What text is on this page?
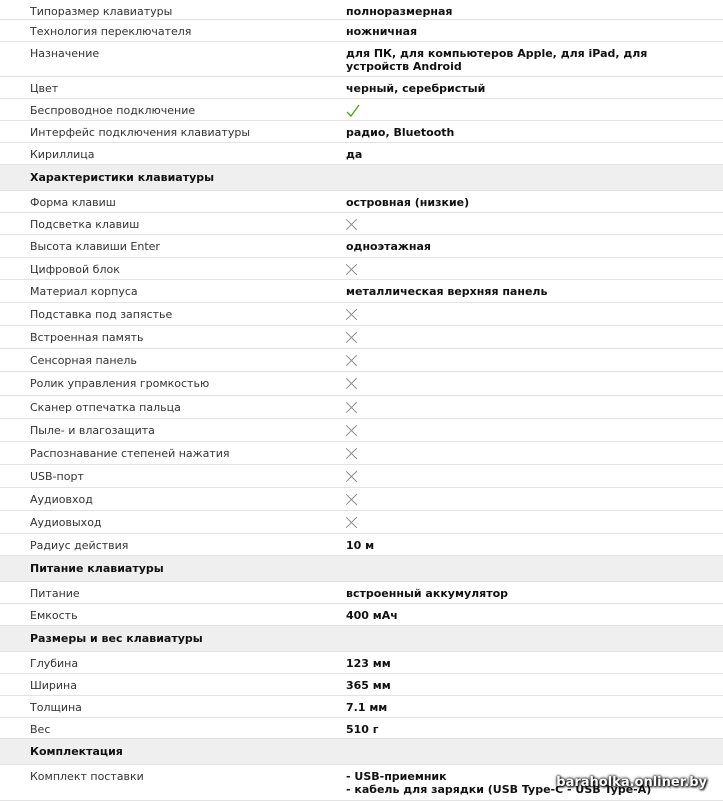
Типоразмер клавиатуры	полноразмерная
Технология переключателя	ножничная
Назначение	для ПК, для компьютеров Apple, для iPad, для
устройств Android
Цвет	черный, серебристый
Беспроводное подключение
Интерфейс подключения клавиатуры	радио, Bluetooth
Кириллица	да
Характеристики клавиатуры
Форма клавиш	островная (низкие)
Подсветка клавиш
Высота клавиши Enter	одноэтажная
Цифровой блок
Материал корпуса	металлическая верхняя панель
Подставка под запястье
Встроенная память
Сенсорная панель
Ролик управления громкостью
Сканер отпечатка пальца
Пыле- и влагозащита
Распознавание степеней нажатия
USB-порт
Аудиовход
Аудиовыход
Радиус действия	10 м
Питание клавиатуры
Питание	встроенный аккумулятор
Емкость	400 мАч
Размеры и вес клавиатуры
Глубина	123 мм
Ширина	365 мм
Толщина	7.1 мм
Вес	510 г
Комплектация
Комплект поставки	- USB-приемник
- кабель для зарядки (USB Type-C - USB Type-A)
baraholka.onliner.by
